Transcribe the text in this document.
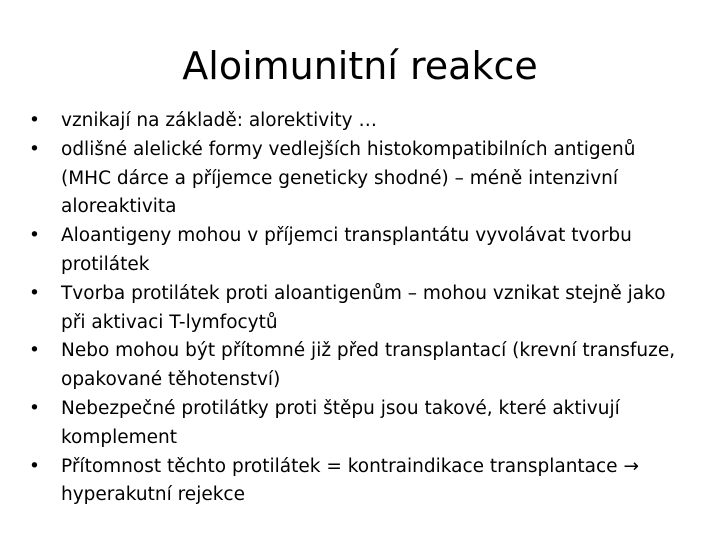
Aloimunitní reakce
•	vznikají na základě: alorektivity …
•	odlišné alelické formy vedlejších histokompatibilních antigenů
(MHC dárce a příjemce geneticky shodné) – méně intenzivní
aloreaktivita
•	Aloantigeny mohou v příjemci transplantátu vyvolávat tvorbu
protilátek
•	Tvorba protilátek proti aloantigenům – mohou vznikat stejně jako
při aktivaci T-lymfocytů
•	Nebo mohou být přítomné již před transplantací (krevní transfuze,
opakované těhotenství)
•	Nebezpečné protilátky proti štěpu jsou takové, které aktivují
komplement
•	Přítomnost těchto protilátek = kontraindikace transplantace →
hyperakutní rejekce
